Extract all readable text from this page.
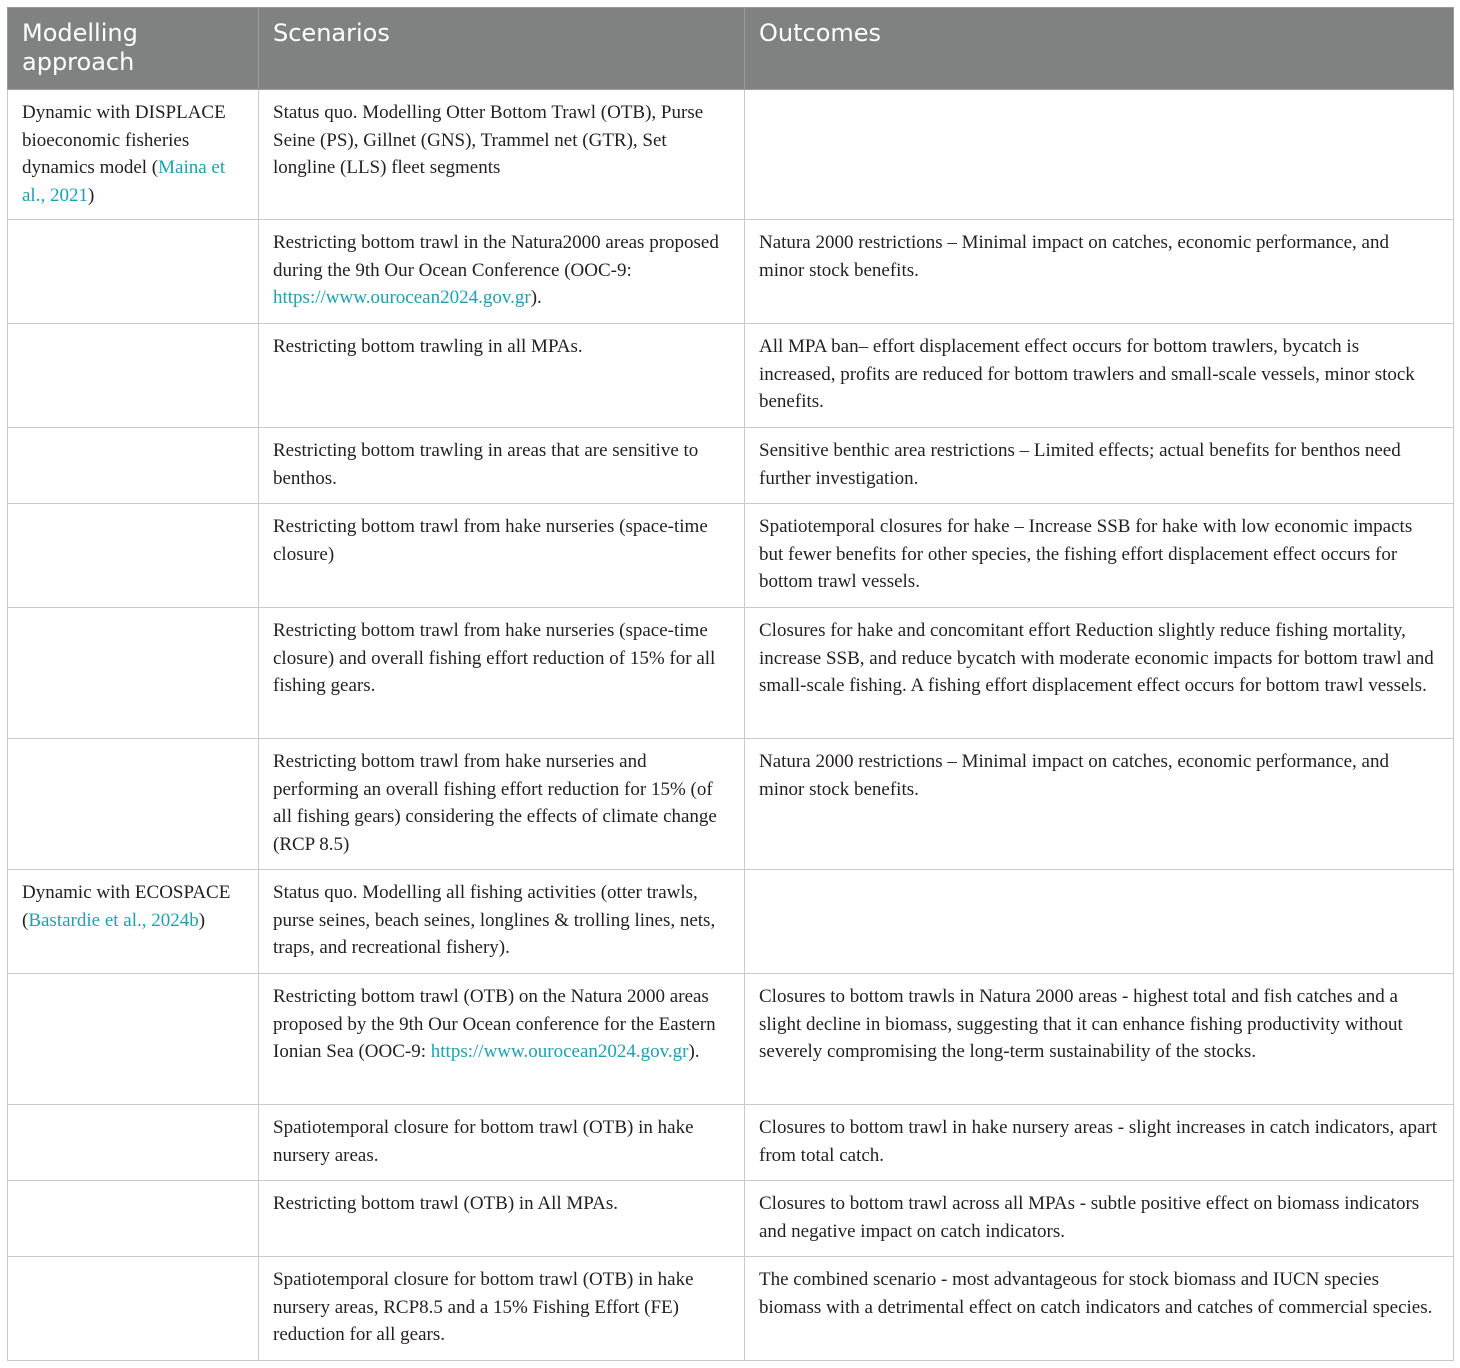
Modelling approach	Scenarios	Outcomes
Dynamic with DISPLACE bioeconomic fisheries dynamics model (Maina et al., 2021)	Status quo. Modelling Otter Bottom Trawl (OTB), Purse Seine (PS), Gillnet (GNS), Trammel net (GTR), Set longline (LLS) fleet segments	
	Restricting bottom trawl in the Natura2000 areas proposed during the 9th Our Ocean Conference (OOC-9: https://www.ourocean2024.gov.gr).	Natura 2000 restrictions – Minimal impact on catches, economic performance, and minor stock benefits.
	Restricting bottom trawling in all MPAs.	All MPA ban– effort displacement effect occurs for bottom trawlers, bycatch is increased, profits are reduced for bottom trawlers and small-scale vessels, minor stock benefits.
	Restricting bottom trawling in areas that are sensitive to benthos.	Sensitive benthic area restrictions – Limited effects; actual benefits for benthos need further investigation.
	Restricting bottom trawl from hake nurseries (space-time closure)	Spatiotemporal closures for hake – Increase SSB for hake with low economic impacts but fewer benefits for other species, the fishing effort displacement effect occurs for bottom trawl vessels.
	Restricting bottom trawl from hake nurseries (space-time closure) and overall fishing effort reduction of 15% for all fishing gears.	Closures for hake and concomitant effort Reduction slightly reduce fishing mortality, increase SSB, and reduce bycatch with moderate economic impacts for bottom trawl and small-scale fishing. A fishing effort displacement effect occurs for bottom trawl vessels.
	Restricting bottom trawl from hake nurseries and performing an overall fishing effort reduction for 15% (of all fishing gears) considering the effects of climate change (RCP 8.5)	Natura 2000 restrictions – Minimal impact on catches, economic performance, and minor stock benefits.
Dynamic with ECOSPACE (Bastardie et al., 2024b)	Status quo. Modelling all fishing activities (otter trawls, purse seines, beach seines, longlines & trolling lines, nets, traps, and recreational fishery).	
	Restricting bottom trawl (OTB) on the Natura 2000 areas proposed by the 9th Our Ocean conference for the Eastern Ionian Sea (OOC-9: https://www.ourocean2024.gov.gr).	Closures to bottom trawls in Natura 2000 areas - highest total and fish catches and a slight decline in biomass, suggesting that it can enhance fishing productivity without severely compromising the long-term sustainability of the stocks.
	Spatiotemporal closure for bottom trawl (OTB) in hake nursery areas.	Closures to bottom trawl in hake nursery areas - slight increases in catch indicators, apart from total catch.
	Restricting bottom trawl (OTB) in All MPAs.	Closures to bottom trawl across all MPAs - subtle positive effect on biomass indicators and negative impact on catch indicators.
	Spatiotemporal closure for bottom trawl (OTB) in hake nursery areas, RCP8.5 and a 15% Fishing Effort (FE) reduction for all gears.	The combined scenario - most advantageous for stock biomass and IUCN species biomass with a detrimental effect on catch indicators and catches of commercial species.
